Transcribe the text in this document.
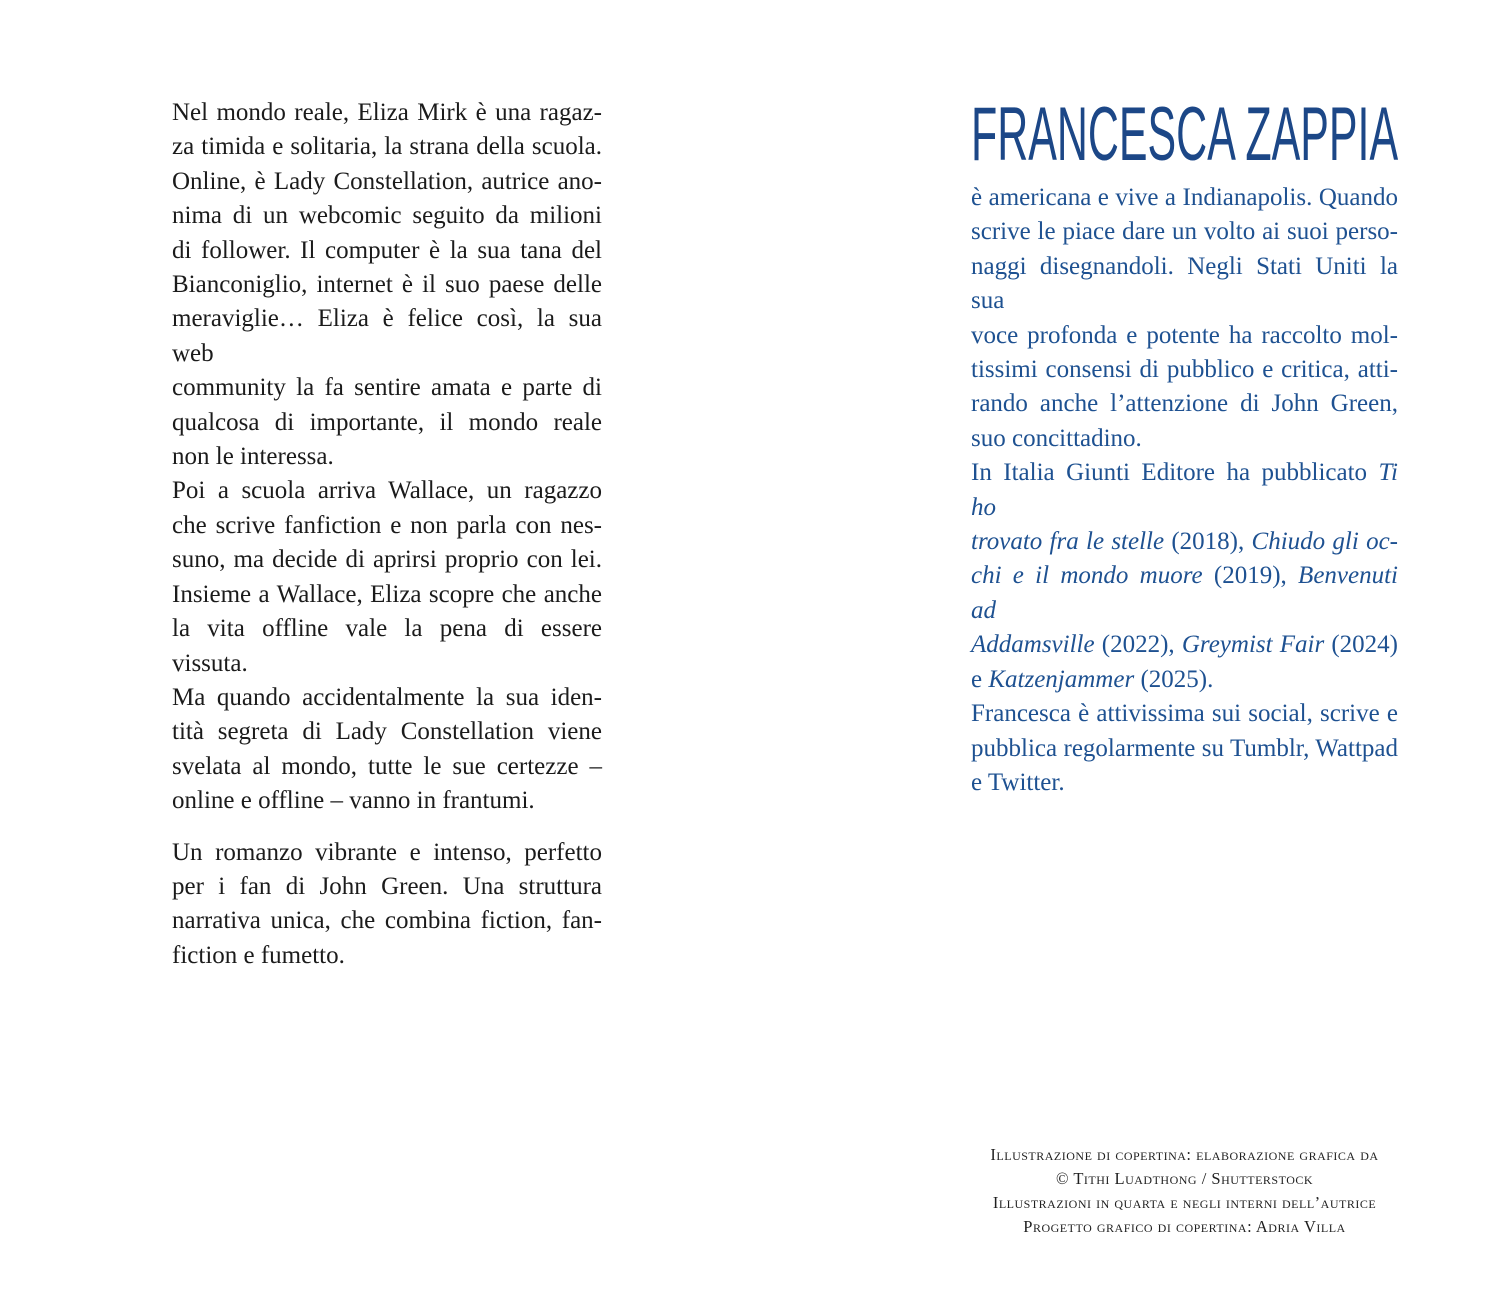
Nel mondo reale, Eliza Mirk è una ragaz-
za timida e solitaria, la strana della scuola.
Online, è Lady Constellation, autrice ano-
nima di un webcomic seguito da milioni
di follower. Il computer è la sua tana del
Bianconiglio, internet è il suo paese delle
meraviglie… Eliza è felice così, la sua web
community la fa sentire amata e parte di
qualcosa di importante, il mondo reale
non le interessa.
Poi a scuola arriva Wallace, un ragazzo
che scrive fanfiction e non parla con nes-
suno, ma decide di aprirsi proprio con lei.
Insieme a Wallace, Eliza scopre che anche
la vita offline vale la pena di essere vissuta.
Ma quando accidentalmente la sua iden-
tità segreta di Lady Constellation viene
svelata al mondo, tutte le sue certezze –
online e offline – vanno in frantumi.
Un romanzo vibrante e intenso, perfetto
per i fan di John Green. Una struttura
narrativa unica, che combina fiction, fan-
fiction e fumetto.
FRANCESCA ZAPPIA
è americana e vive a Indianapolis. Quando
scrive le piace dare un volto ai suoi perso-
naggi disegnandoli. Negli Stati Uniti la sua
voce profonda e potente ha raccolto mol-
tissimi consensi di pubblico e critica, atti-
rando anche l’attenzione di John Green,
suo concittadino.
In Italia Giunti Editore ha pubblicato Ti ho
trovato fra le stelle (2018), Chiudo gli oc-
chi e il mondo muore (2019), Benvenuti ad
Addamsville (2022), Greymist Fair (2024)
e Katzenjammer (2025).
Francesca è attivissima sui social, scrive e
pubblica regolarmente su Tumblr, Wattpad
e Twitter.
Illustrazione di copertina: elaborazione grafica da
© Tithi Luadthong / Shutterstock
Illustrazioni in quarta e negli interni dell’autrice
Progetto grafico di copertina: Adria Villa
